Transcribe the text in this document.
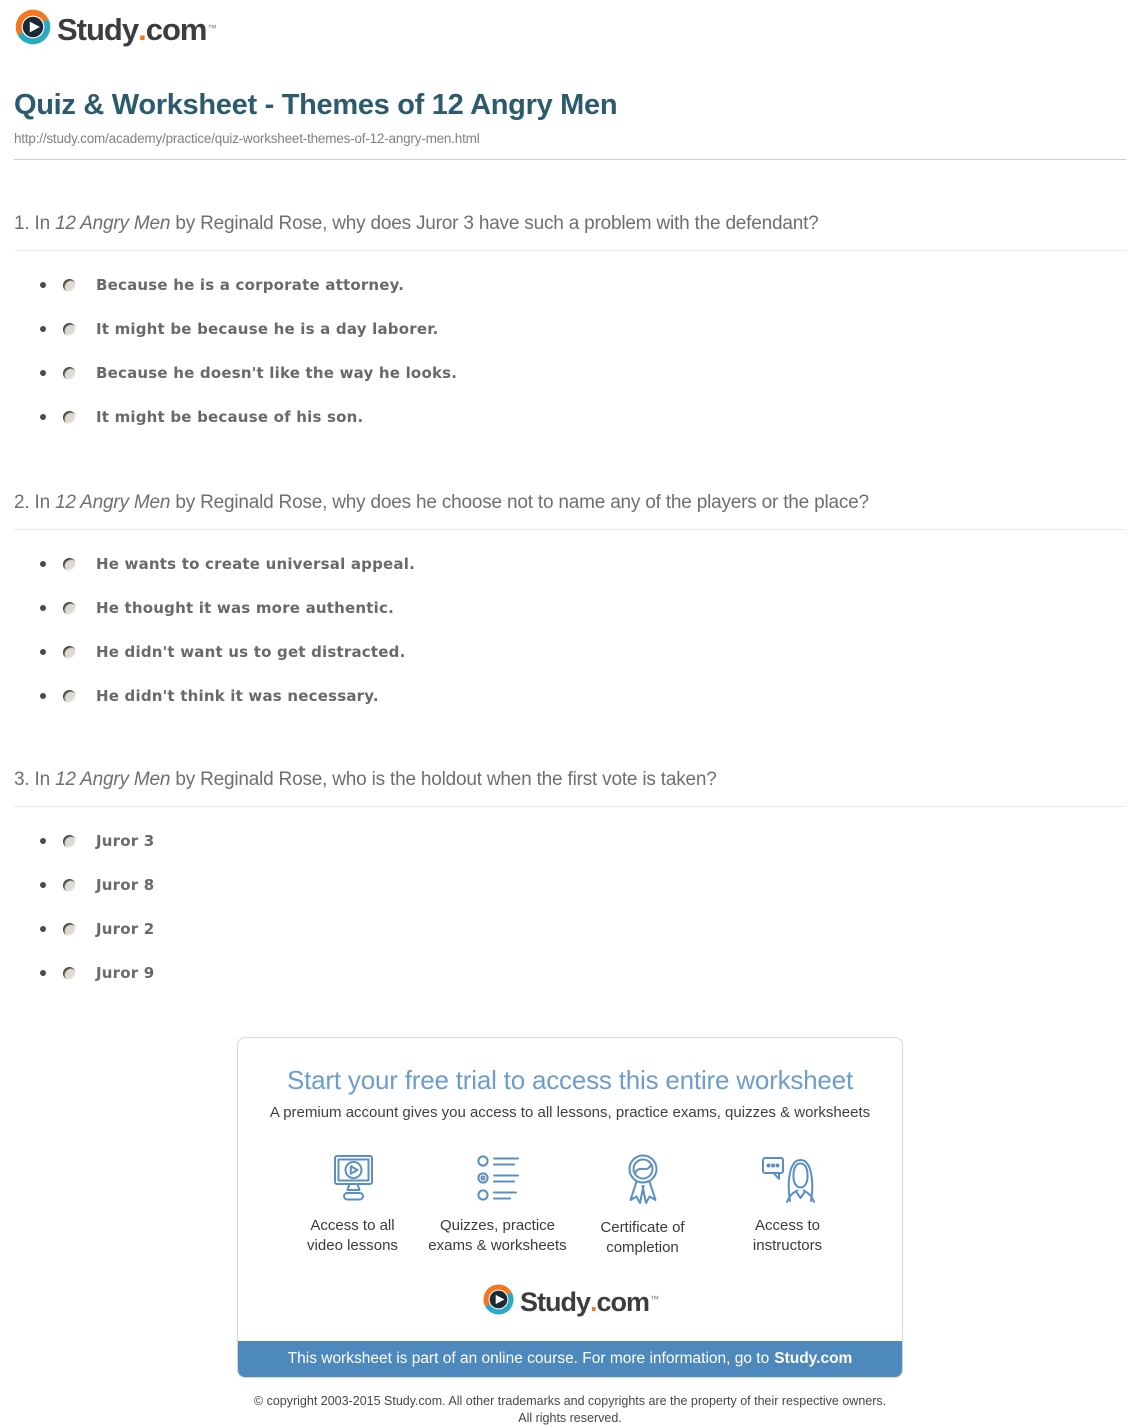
Study . com ™
Quiz & Worksheet - Themes of 12 Angry Men
http://study.com/academy/practice/quiz-worksheet-themes-of-12-angry-men.html

1. In 12 Angry Men by Reginald Rose, why does Juror 3 have such a problem with the defendant?

Because he is a corporate attorney.
It might be because he is a day laborer.
Because he doesn't like the way he looks.
It might be because of his son.

2. In 12 Angry Men by Reginald Rose, why does he choose not to name any of the players or the place?

He wants to create universal appeal.
He thought it was more authentic.
He didn't want us to get distracted.
He didn't think it was necessary.

3. In 12 Angry Men by Reginald Rose, who is the holdout when the first vote is taken?

Juror 3
Juror 8
Juror 2
Juror 9
Start your free trial to access this entire worksheet
A premium account gives you access to all lessons, practice exams, quizzes & worksheets
Access to all
video lessons
Quizzes, practice
exams & worksheets
Certificate of
completion
Access to
instructors
Study . com ™
This worksheet is part of an online course. For more information, go to Study.com
© copyright 2003-2015 Study.com. All other trademarks and copyrights are the property of their respective owners.
All rights reserved.
